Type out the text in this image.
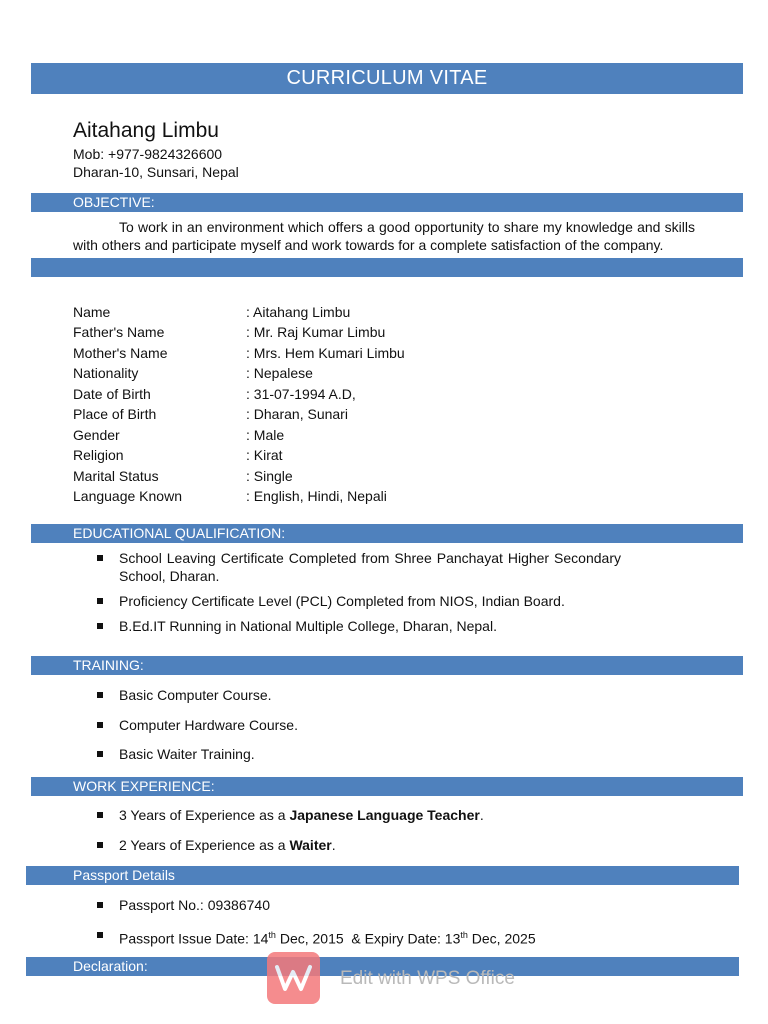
CURRICULUM VITAE
Aitahang Limbu
Mob: +977-9824326600
Dharan-10, Sunsari, Nepal
OBJECTIVE:
To work in an environment which offers a good opportunity to share my knowledge and skills with others and participate myself and work towards for a complete satisfaction of the company.
Name	: Aitahang Limbu
Father's Name	: Mr. Raj Kumar Limbu
Mother's Name	: Mrs. Hem Kumari Limbu
Nationality	: Nepalese
Date of Birth	: 31-07-1994 A.D,
Place of Birth	: Dharan, Sunari
Gender	: Male
Religion	: Kirat
Marital Status	: Single
Language Known	: English, Hindi, Nepali
EDUCATIONAL QUALIFICATION:
School Leaving Certificate Completed from Shree Panchayat Higher Secondary School, Dharan.
Proficiency Certificate Level (PCL) Completed from NIOS, Indian Board.
B.Ed.IT Running in National Multiple College, Dharan, Nepal.
TRAINING:
Basic Computer Course.
Computer Hardware Course.
Basic Waiter Training.
WORK EXPERIENCE:
3 Years of Experience as a Japanese Language Teacher.
2 Years of Experience as a Waiter.
Passport Details
Passport No.: 09386740
Passport Issue Date: 14th Dec, 2015  & Expiry Date: 13th Dec, 2025
Declaration:
Edit with WPS Office
